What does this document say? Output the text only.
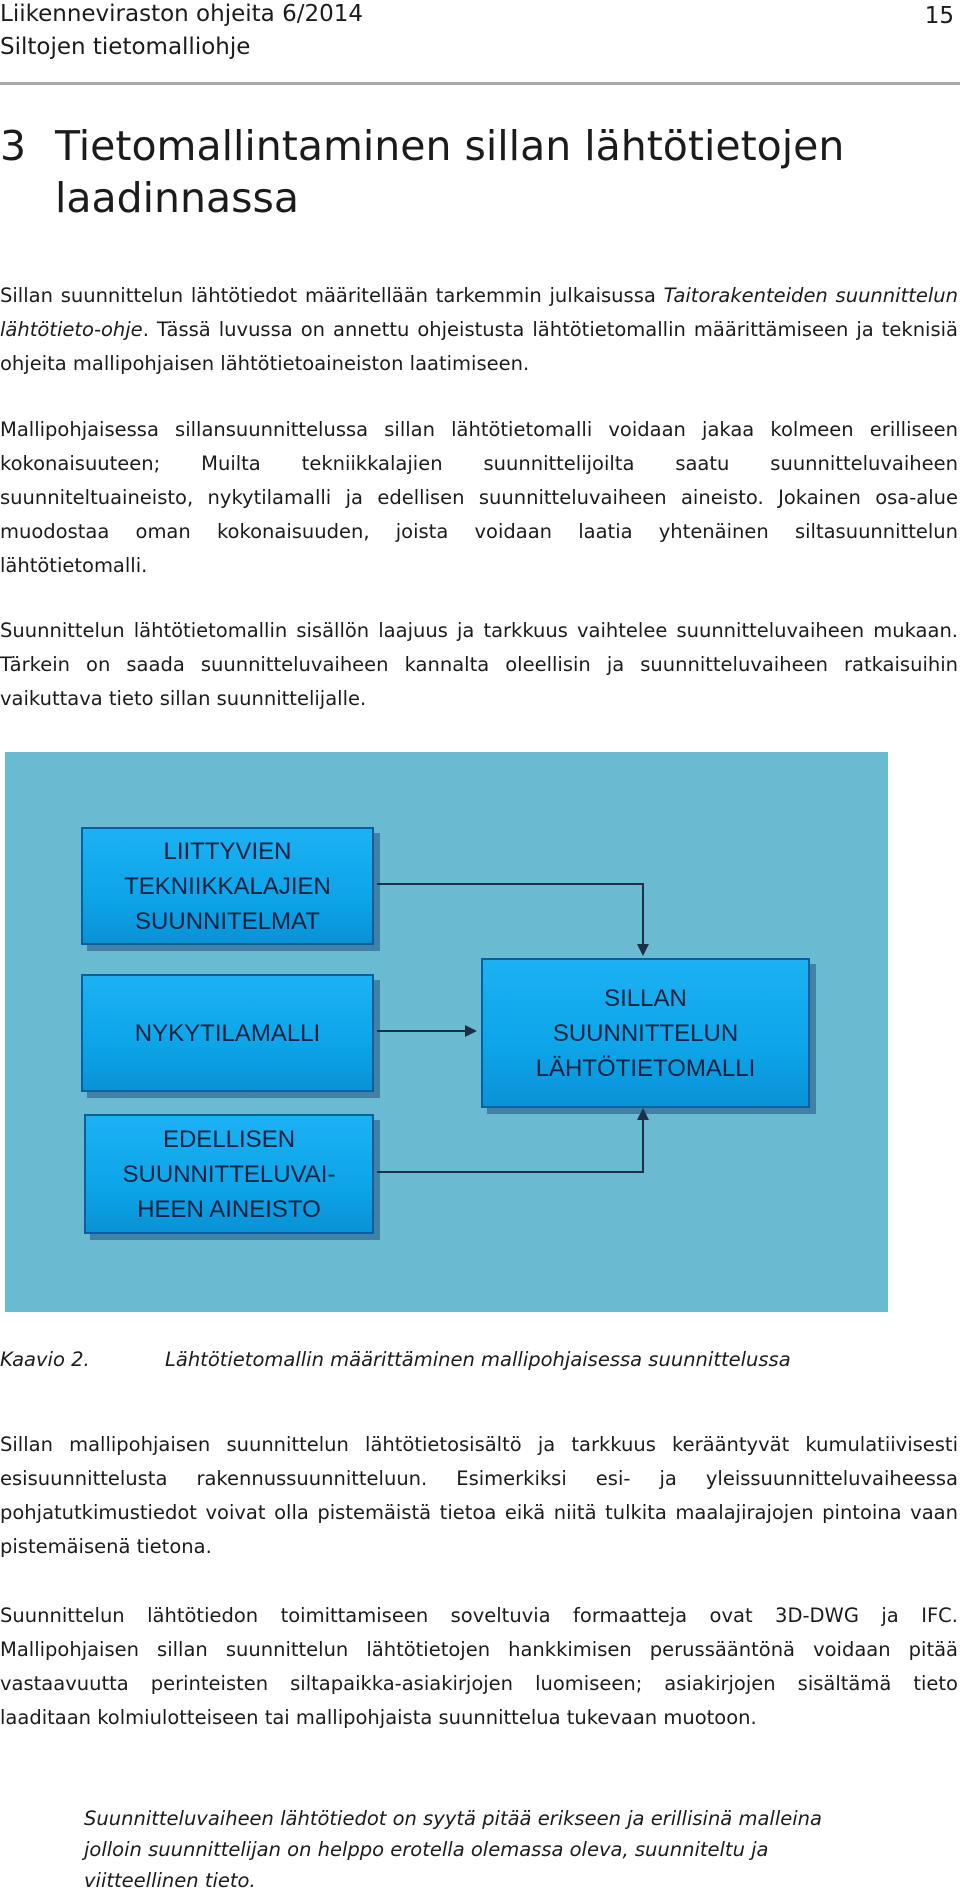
Liikenneviraston ohjeita 6/2014
Siltojen tietomalliohje
15
3 Tietomallintaminen sillan lähtötietojen laadinnassa
Sillan suunnittelun lähtötiedot määritellään tarkemmin julkaisussa Taitorakenteiden suunnittelun lähtötieto-ohje. Tässä luvussa on annettu ohjeistusta lähtötietomallin määrittämiseen ja teknisiä ohjeita mallipohjaisen lähtötietoaineiston laatimiseen.
Mallipohjaisessa sillansuunnittelussa sillan lähtötietomalli voidaan jakaa kolmeen erilliseen kokonaisuuteen; Muilta tekniikkalajien suunnittelijoilta saatu suunnitteluvaiheen suunniteltuaineisto, nykytilamalli ja edellisen suunnitteluvaiheen aineisto. Jokainen osa-alue muodostaa oman kokonaisuuden, joista voidaan laatia yhtenäinen siltasuunnittelun lähtötietomalli.
Suunnittelun lähtötietomallin sisällön laajuus ja tarkkuus vaihtelee suunnitteluvaiheen mukaan. Tärkein on saada suunnitteluvaiheen kannalta oleellisin ja suunnitteluvaiheen ratkaisuihin vaikuttava tieto sillan suunnittelijalle.
LIITTYVIEN
TEKNIIKKALAJIEN
SUUNNITELMAT
NYKYTILAMALLI
EDELLISEN
SUUNNITTELUVAI-
HEEN AINEISTO
SILLAN
SUUNNITTELUN
LÄHTÖTIETOMALLI
Kaavio 2.	Lähtötietomallin määrittäminen mallipohjaisessa suunnittelussa
Sillan mallipohjaisen suunnittelun lähtötietosisältö ja tarkkuus kerääntyvät kumulatiivisesti esisuunnittelusta rakennussuunnitteluun. Esimerkiksi esi- ja yleissuunnitteluvaiheessa pohjatutkimustiedot voivat olla pistemäistä tietoa eikä niitä tulkita maalajirajojen pintoina vaan pistemäisenä tietona.
Suunnittelun lähtötiedon toimittamiseen soveltuvia formaatteja ovat 3D-DWG ja IFC. Mallipohjaisen sillan suunnittelun lähtötietojen hankkimisen perussääntönä voidaan pitää vastaavuutta perinteisten siltapaikka-asiakirjojen luomiseen; asiakirjojen sisältämä tieto laaditaan kolmiulotteiseen tai mallipohjaista suunnittelua tukevaan muotoon.
Suunnitteluvaiheen lähtötiedot on syytä pitää erikseen ja erillisinä malleina jolloin suunnittelijan on helppo erotella olemassa oleva, suunniteltu ja viitteellinen tieto.
